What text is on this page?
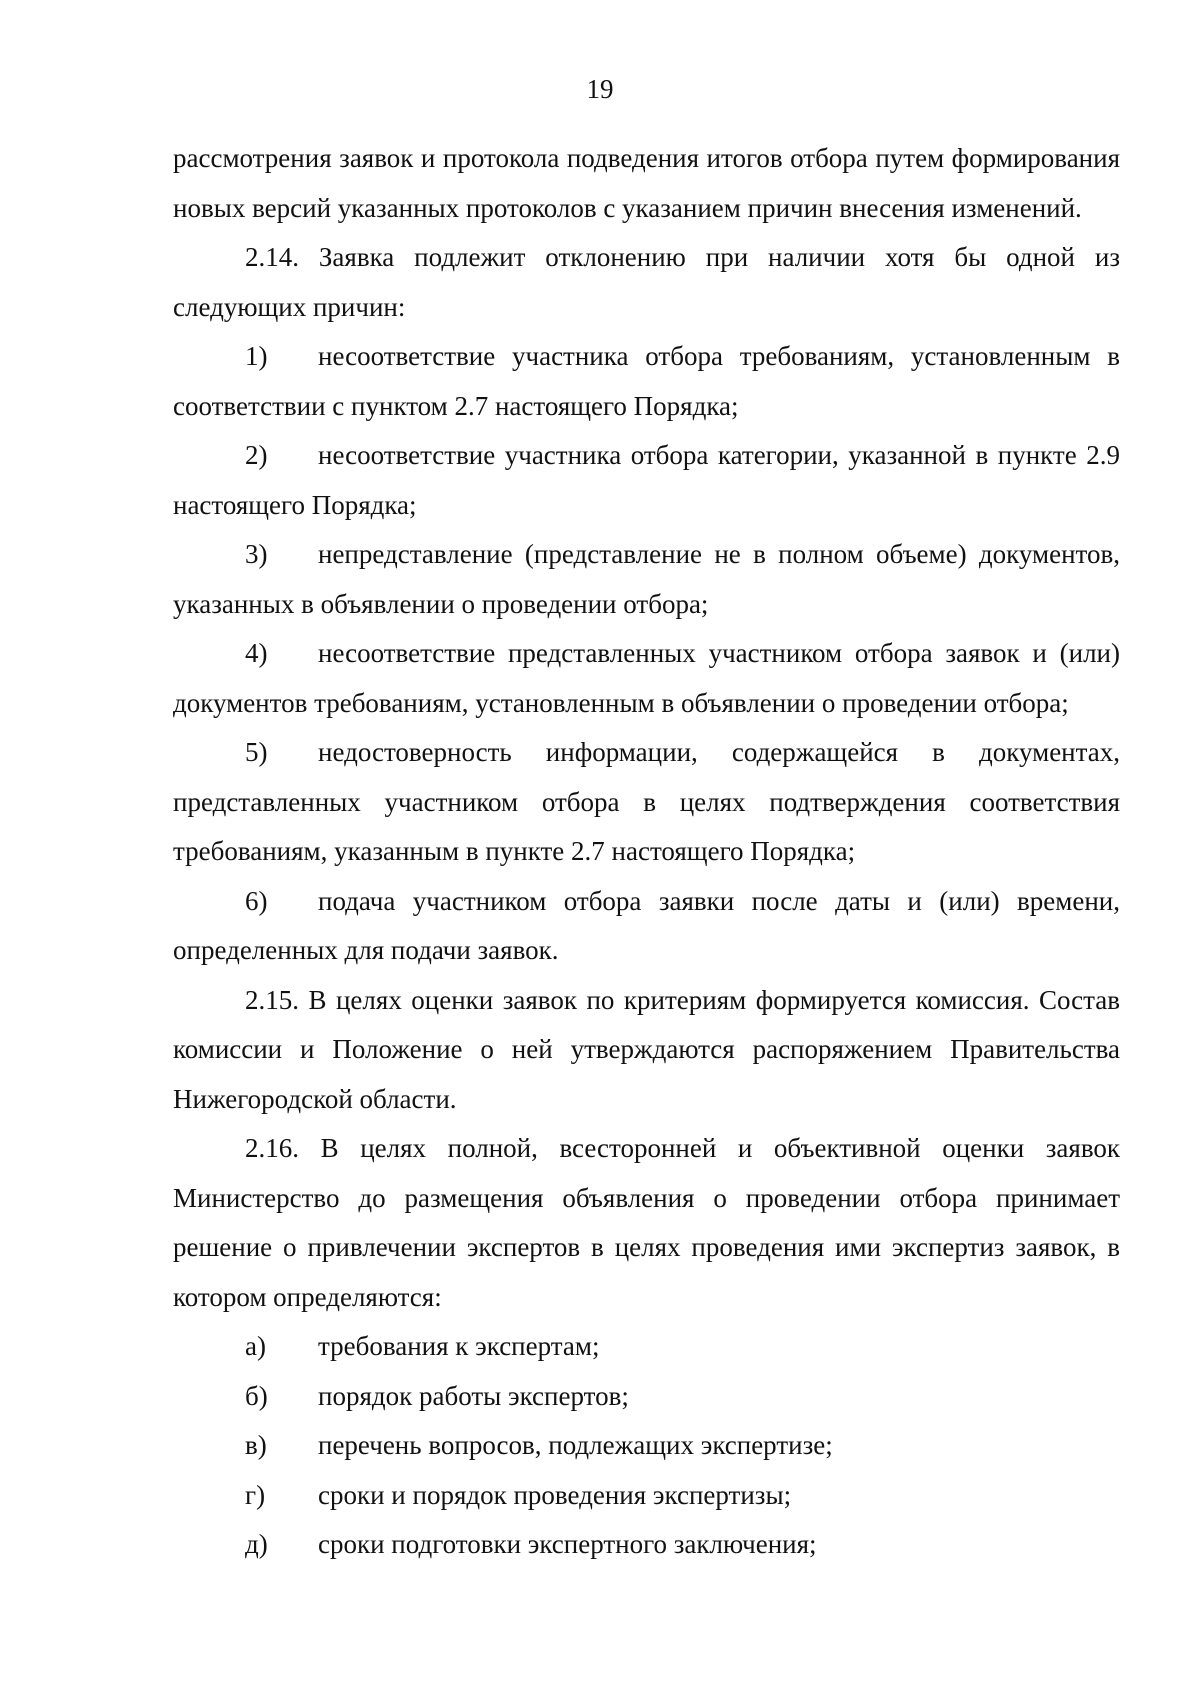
19

рассмотрения заявок и протокола подведения итогов отбора путем формирования новых версий указанных протоколов с указанием причин внесения изменений.

2.14. Заявка подлежит отклонению при наличии хотя бы одной из следующих причин:

1) несоответствие участника отбора требованиям, установленным в соответствии с пунктом 2.7 настоящего Порядка;

2) несоответствие участника отбора категории, указанной в пункте 2.9 настоящего Порядка;

3) непредставление (представление не в полном объеме) документов, указанных в объявлении о проведении отбора;

4) несоответствие представленных участником отбора заявок и (или) документов требованиям, установленным в объявлении о проведении отбора;

5) недостоверность информации, содержащейся в документах, представленных участником отбора в целях подтверждения соответствия требованиям, указанным в пункте 2.7 настоящего Порядка;

6) подача участником отбора заявки после даты и (или) времени, определенных для подачи заявок.

2.15. В целях оценки заявок по критериям формируется комиссия. Состав комиссии и Положение о ней утверждаются распоряжением Правительства Нижегородской области.

2.16. В целях полной, всесторонней и объективной оценки заявок Министерство до размещения объявления о проведении отбора принимает решение о привлечении экспертов в целях проведения ими экспертиз заявок, в котором определяются:

а) требования к экспертам;

б) порядок работы экспертов;

в) перечень вопросов, подлежащих экспертизе;

г) сроки и порядок проведения экспертизы;

д) сроки подготовки экспертного заключения;
